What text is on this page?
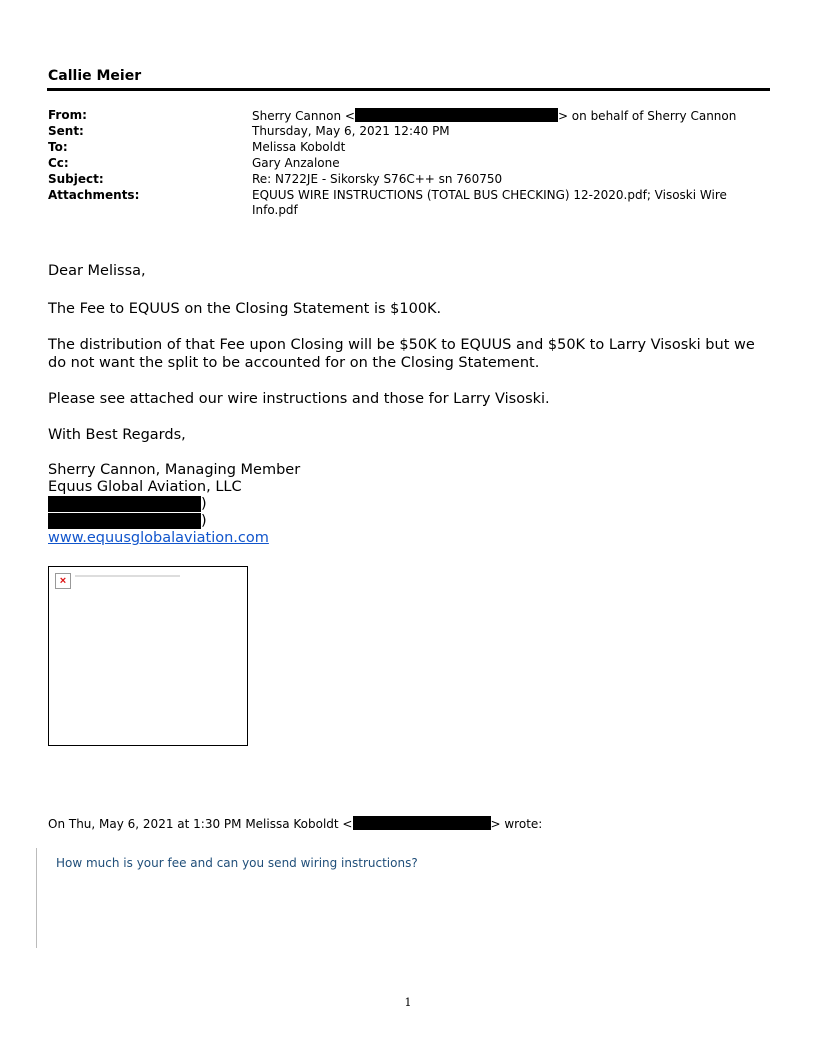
Callie Meier
From:	Sherry Cannon <	> on behalf of Sherry Cannon
Sent:	Thursday, May 6, 2021 12:40 PM
To:	Melissa Koboldt
Cc:	Gary Anzalone
Subject:	Re: N722JE - Sikorsky S76C++ sn 760750
Attachments:	EQUUS WIRE INSTRUCTIONS (TOTAL BUS CHECKING) 12-2020.pdf; Visoski Wire Info.pdf
Dear Melissa,
The Fee to EQUUS on the Closing Statement is $100K.
The distribution of that Fee upon Closing will be $50K to EQUUS and $50K to Larry Visoski but we do not want the split to be accounted for on the Closing Statement.
Please see attached our wire instructions and those for Larry Visoski.
With Best Regards,
Sherry Cannon, Managing Member
Equus Global Aviation, LLC
)
)
www.equusglobalaviation.com
×
On Thu, May 6, 2021 at 1:30 PM Melissa Koboldt <	> wrote:
How much is your fee and can you send wiring instructions?
1
